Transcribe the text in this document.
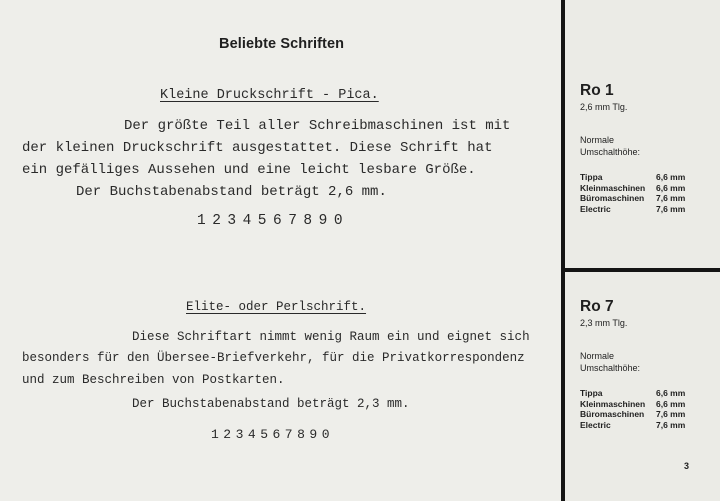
Beliebte Schriften
Kleine Druckschrift - Pica.
Der größte Teil aller Schreibmaschinen ist mit
der kleinen Druckschrift ausgestattet. Diese Schrift hat
ein gefälliges Aussehen und eine leicht lesbare Größe.
Der Buchstabenabstand beträgt 2,6 mm.
1234567890
Elite- oder Perlschrift.
Diese Schriftart nimmt wenig Raum ein und eignet sich
besonders für den Übersee-Briefverkehr, für die Privatkorrespondenz
und zum Beschreiben von Postkarten.
Der Buchstabenabstand beträgt 2,3 mm.
1234567890
Ro 1
2,6 mm Tlg.
Normale Umschalthöhe:
Tippa	6,6 mm
Kleinmaschinen	6,6 mm
Büromaschinen	7,6 mm
Electric	7,6 mm
Ro 7
2,3 mm Tlg.
Normale Umschalthöhe:
Tippa	6,6 mm
Kleinmaschinen	6,6 mm
Büromaschinen	7,6 mm
Electric	7,6 mm
3
